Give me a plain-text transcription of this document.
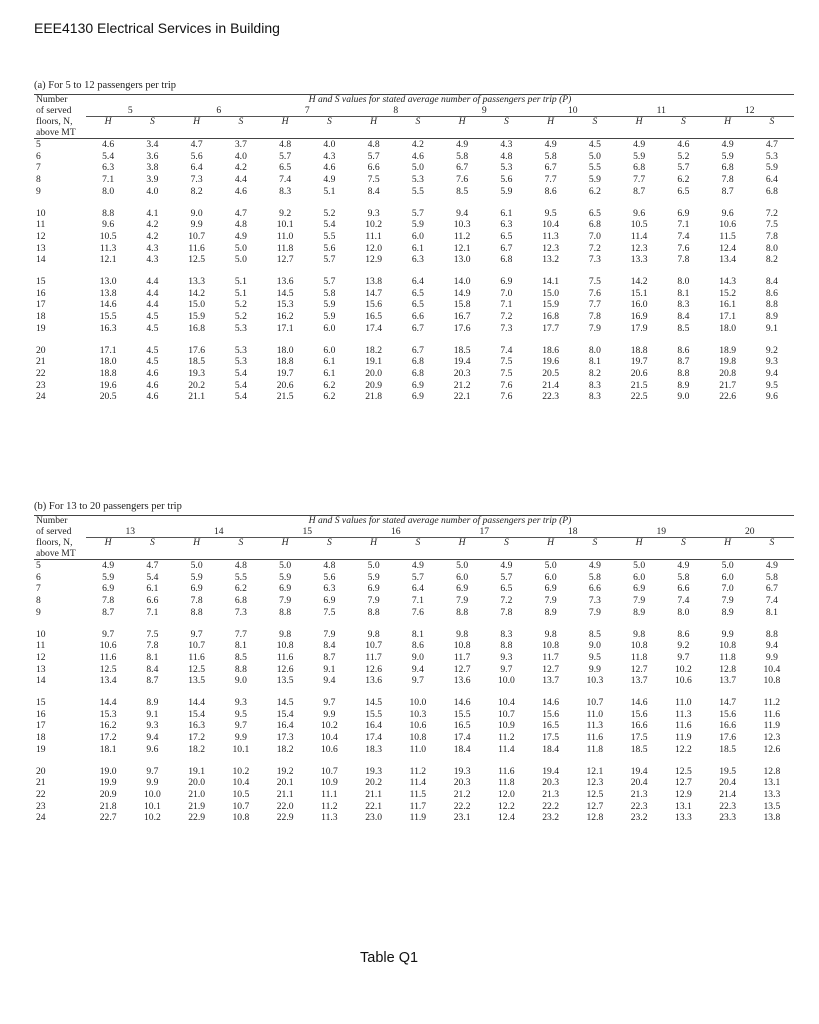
EEE4130 Electrical Services in Building
(a) For 5 to 12 passengers per trip
Number	H and S values for stated average number of passengers per trip (P)															
of served	5		6		7		8		9		10		11		12	
floors, N,	H	S	H	S	H	S	H	S	H	S	H	S	H	S	H	S
above MT																
5	4.6	3.4	4.7	3.7	4.8	4.0	4.8	4.2	4.9	4.3	4.9	4.5	4.9	4.6	4.9	4.7
6	5.4	3.6	5.6	4.0	5.7	4.3	5.7	4.6	5.8	4.8	5.8	5.0	5.9	5.2	5.9	5.3
7	6.3	3.8	6.4	4.2	6.5	4.6	6.6	5.0	6.7	5.3	6.7	5.5	6.8	5.7	6.8	5.9
8	7.1	3.9	7.3	4.4	7.4	4.9	7.5	5.3	7.6	5.6	7.7	5.9	7.7	6.2	7.8	6.4
9	8.0	4.0	8.2	4.6	8.3	5.1	8.4	5.5	8.5	5.9	8.6	6.2	8.7	6.5	8.7	6.8

10	8.8	4.1	9.0	4.7	9.2	5.2	9.3	5.7	9.4	6.1	9.5	6.5	9.6	6.9	9.6	7.2
11	9.6	4.2	9.9	4.8	10.1	5.4	10.2	5.9	10.3	6.3	10.4	6.8	10.5	7.1	10.6	7.5
12	10.5	4.2	10.7	4.9	11.0	5.5	11.1	6.0	11.2	6.5	11.3	7.0	11.4	7.4	11.5	7.8
13	11.3	4.3	11.6	5.0	11.8	5.6	12.0	6.1	12.1	6.7	12.3	7.2	12.3	7.6	12.4	8.0
14	12.1	4.3	12.5	5.0	12.7	5.7	12.9	6.3	13.0	6.8	13.2	7.3	13.3	7.8	13.4	8.2

15	13.0	4.4	13.3	5.1	13.6	5.7	13.8	6.4	14.0	6.9	14.1	7.5	14.2	8.0	14.3	8.4
16	13.8	4.4	14.2	5.1	14.5	5.8	14.7	6.5	14.9	7.0	15.0	7.6	15.1	8.1	15.2	8.6
17	14.6	4.4	15.0	5.2	15.3	5.9	15.6	6.5	15.8	7.1	15.9	7.7	16.0	8.3	16.1	8.8
18	15.5	4.5	15.9	5.2	16.2	5.9	16.5	6.6	16.7	7.2	16.8	7.8	16.9	8.4	17.1	8.9
19	16.3	4.5	16.8	5.3	17.1	6.0	17.4	6.7	17.6	7.3	17.7	7.9	17.9	8.5	18.0	9.1

20	17.1	4.5	17.6	5.3	18.0	6.0	18.2	6.7	18.5	7.4	18.6	8.0	18.8	8.6	18.9	9.2
21	18.0	4.5	18.5	5.3	18.8	6.1	19.1	6.8	19.4	7.5	19.6	8.1	19.7	8.7	19.8	9.3
22	18.8	4.6	19.3	5.4	19.7	6.1	20.0	6.8	20.3	7.5	20.5	8.2	20.6	8.8	20.8	9.4
23	19.6	4.6	20.2	5.4	20.6	6.2	20.9	6.9	21.2	7.6	21.4	8.3	21.5	8.9	21.7	9.5
24	20.5	4.6	21.1	5.4	21.5	6.2	21.8	6.9	22.1	7.6	22.3	8.3	22.5	9.0	22.6	9.6
(b) For 13 to 20 passengers per trip
Number	H and S values for stated average number of passengers per trip (P)															
of served	13		14		15		16		17		18		19		20	
floors, N,	H	S	H	S	H	S	H	S	H	S	H	S	H	S	H	S
above MT																
5	4.9	4.7	5.0	4.8	5.0	4.8	5.0	4.9	5.0	4.9	5.0	4.9	5.0	4.9	5.0	4.9
6	5.9	5.4	5.9	5.5	5.9	5.6	5.9	5.7	6.0	5.7	6.0	5.8	6.0	5.8	6.0	5.8
7	6.9	6.1	6.9	6.2	6.9	6.3	6.9	6.4	6.9	6.5	6.9	6.6	6.9	6.6	7.0	6.7
8	7.8	6.6	7.8	6.8	7.9	6.9	7.9	7.1	7.9	7.2	7.9	7.3	7.9	7.4	7.9	7.4
9	8.7	7.1	8.8	7.3	8.8	7.5	8.8	7.6	8.8	7.8	8.9	7.9	8.9	8.0	8.9	8.1

10	9.7	7.5	9.7	7.7	9.8	7.9	9.8	8.1	9.8	8.3	9.8	8.5	9.8	8.6	9.9	8.8
11	10.6	7.8	10.7	8.1	10.8	8.4	10.7	8.6	10.8	8.8	10.8	9.0	10.8	9.2	10.8	9.4
12	11.6	8.1	11.6	8.5	11.6	8.7	11.7	9.0	11.7	9.3	11.7	9.5	11.8	9.7	11.8	9.9
13	12.5	8.4	12.5	8.8	12.6	9.1	12.6	9.4	12.7	9.7	12.7	9.9	12.7	10.2	12.8	10.4
14	13.4	8.7	13.5	9.0	13.5	9.4	13.6	9.7	13.6	10.0	13.7	10.3	13.7	10.6	13.7	10.8

15	14.4	8.9	14.4	9.3	14.5	9.7	14.5	10.0	14.6	10.4	14.6	10.7	14.6	11.0	14.7	11.2
16	15.3	9.1	15.4	9.5	15.4	9.9	15.5	10.3	15.5	10.7	15.6	11.0	15.6	11.3	15.6	11.6
17	16.2	9.3	16.3	9.7	16.4	10.2	16.4	10.6	16.5	10.9	16.5	11.3	16.6	11.6	16.6	11.9
18	17.2	9.4	17.2	9.9	17.3	10.4	17.4	10.8	17.4	11.2	17.5	11.6	17.5	11.9	17.6	12.3
19	18.1	9.6	18.2	10.1	18.2	10.6	18.3	11.0	18.4	11.4	18.4	11.8	18.5	12.2	18.5	12.6

20	19.0	9.7	19.1	10.2	19.2	10.7	19.3	11.2	19.3	11.6	19.4	12.1	19.4	12.5	19.5	12.8
21	19.9	9.9	20.0	10.4	20.1	10.9	20.2	11.4	20.3	11.8	20.3	12.3	20.4	12.7	20.4	13.1
22	20.9	10.0	21.0	10.5	21.1	11.1	21.1	11.5	21.2	12.0	21.3	12.5	21.3	12.9	21.4	13.3
23	21.8	10.1	21.9	10.7	22.0	11.2	22.1	11.7	22.2	12.2	22.2	12.7	22.3	13.1	22.3	13.5
24	22.7	10.2	22.9	10.8	22.9	11.3	23.0	11.9	23.1	12.4	23.2	12.8	23.2	13.3	23.3	13.8
Table Q1
